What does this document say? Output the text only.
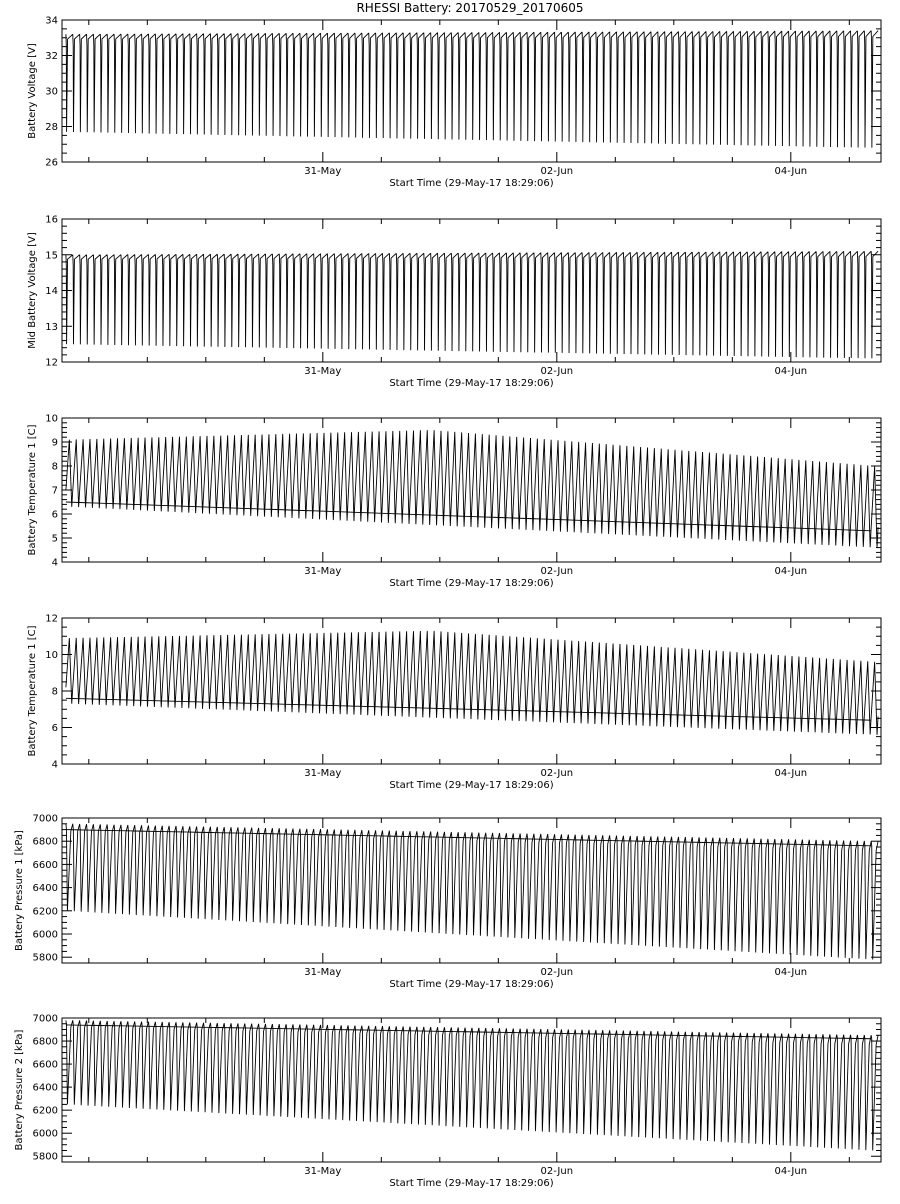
RHESSI Battery: 20170529_20170605
26
28
30
32
34
31-May	02-Jun	04-Jun
Start Time (29-May-17 18:29:06)
Battery Voltage [V]
12
13
14
15
16
31-May	02-Jun	04-Jun
Start Time (29-May-17 18:29:06)
Mid Battery Voltage [V]
4
5
6
7
8
9
10
31-May	02-Jun	04-Jun
Start Time (29-May-17 18:29:06)
Battery Temperature 1 [C]
4
6
8
10
12
31-May	02-Jun	04-Jun
Start Time (29-May-17 18:29:06)
Battery Temperature 1 [C]
5800
6000
6200
6400
6600
6800
7000
31-May	02-Jun	04-Jun
Start Time (29-May-17 18:29:06)
Battery Pressure 1 [kPa]
5800
6000
6200
6400
6600
6800
7000
31-May	02-Jun	04-Jun
Start Time (29-May-17 18:29:06)
Battery Pressure 2 [kPa]
